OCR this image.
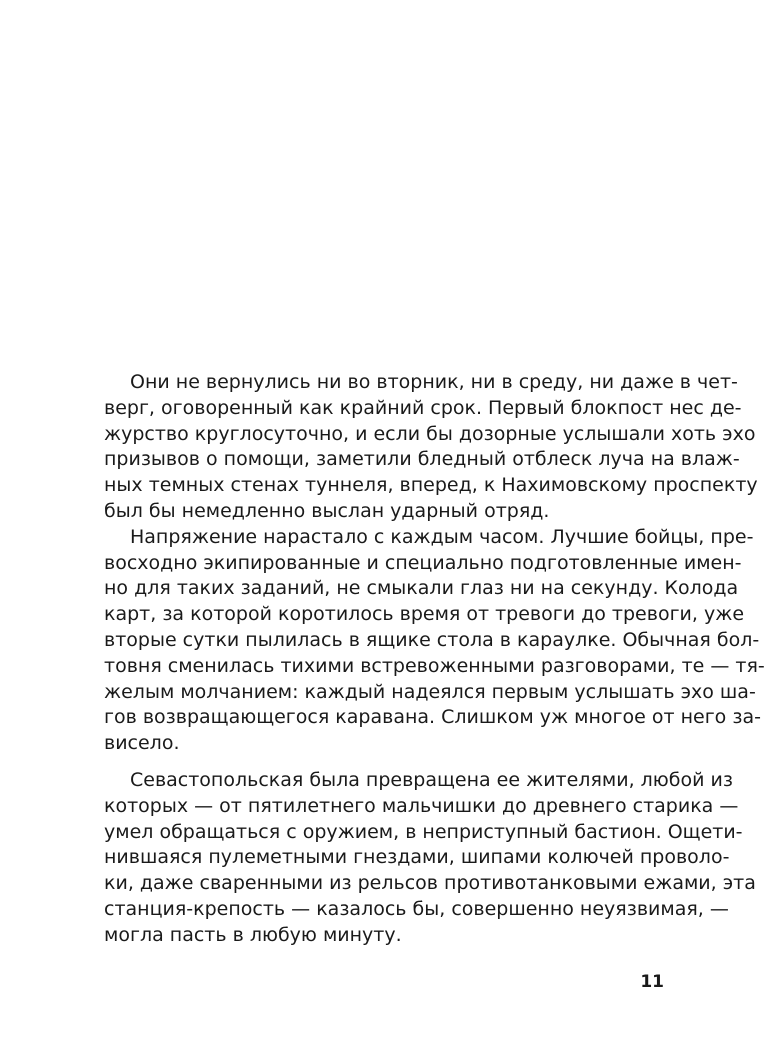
Они не вернулись ни во вторник, ни в среду, ни даже в чет-
верг, оговоренный как крайний срок. Первый блокпост нес де-
журство круглосуточно, и если бы дозорные услышали хоть эхо
призывов о помощи, заметили бледный отблеск луча на влаж-
ных темных стенах туннеля, вперед, к Нахимовскому проспекту
был бы немедленно выслан ударный отряд.
Напряжение нарастало с каждым часом. Лучшие бойцы, пре-
восходно экипированные и специально подготовленные имен-
но для таких заданий, не смыкали глаз ни на секунду. Колода
карт, за которой коротилось время от тревоги до тревоги, уже
вторые сутки пылилась в ящике стола в караулке. Обычная бол-
товня сменилась тихими встревоженными разговорами, те — тя-
желым молчанием: каждый надеялся первым услышать эхо ша-
гов возвращающегося каравана. Слишком уж многое от него за-
висело.
Севастопольская была превращена ее жителями, любой из
которых — от пятилетнего мальчишки до древнего старика —
умел обращаться с оружием, в неприступный бастион. Ощети-
нившаяся пулеметными гнездами, шипами колючей проволо-
ки, даже сваренными из рельсов противотанковыми ежами, эта
станция-крепость — казалось бы, совершенно неуязвимая, —
могла пасть в любую минуту.
11
